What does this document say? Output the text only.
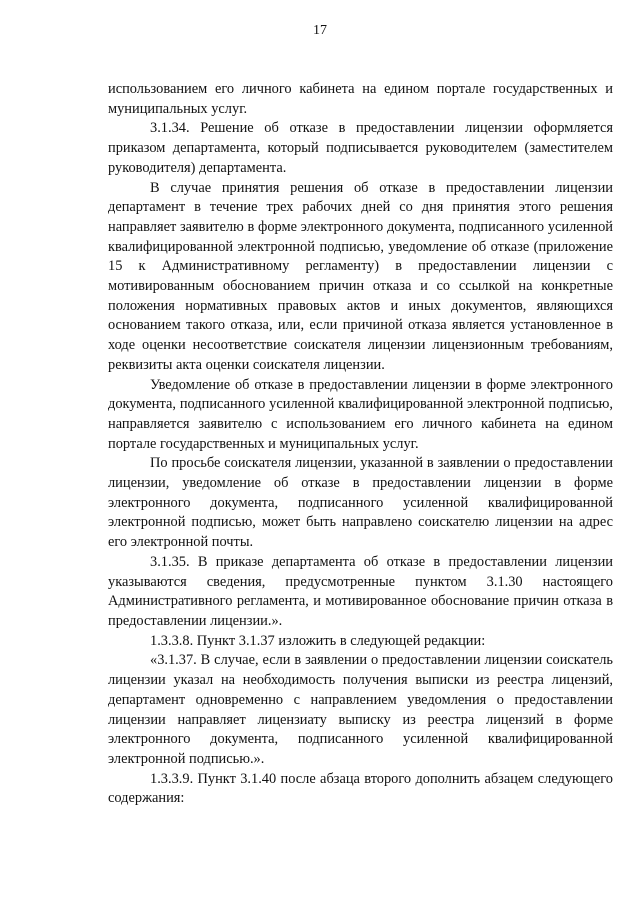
17

использованием его личного кабинета на едином портале государственных и муниципальных услуг.

3.1.34. Решение об отказе в предоставлении лицензии оформляется приказом департамента, который подписывается руководителем (заместителем руководителя) департамента.

В случае принятия решения об отказе в предоставлении лицензии департамент в течение трех рабочих дней со дня принятия этого решения направляет заявителю в форме электронного документа, подписанного усиленной квалифицированной электронной подписью, уведомление об отказе (приложение 15 к Административному регламенту) в предоставлении лицензии с мотивированным обоснованием причин отказа и со ссылкой на конкретные положения нормативных правовых актов и иных документов, являющихся основанием такого отказа, или, если причиной отказа является установленное в ходе оценки несоответствие соискателя лицензии лицензионным требованиям, реквизиты акта оценки соискателя лицензии.

Уведомление об отказе в предоставлении лицензии в форме электронного документа, подписанного усиленной квалифицированной электронной подписью, направляется заявителю с использованием его личного кабинета на едином портале государственных и муниципальных услуг.

По просьбе соискателя лицензии, указанной в заявлении о предоставлении лицензии, уведомление об отказе в предоставлении лицензии в форме электронного документа, подписанного усиленной квалифицированной электронной подписью, может быть направлено соискателю лицензии на адрес его электронной почты.

3.1.35. В приказе департамента об отказе в предоставлении лицензии указываются сведения, предусмотренные пунктом 3.1.30 настоящего Административного регламента, и мотивированное обоснование причин отказа в предоставлении лицензии.».

1.3.3.8. Пункт 3.1.37 изложить в следующей редакции:

«3.1.37. В случае, если в заявлении о предоставлении лицензии соискатель лицензии указал на необходимость получения выписки из реестра лицензий, департамент одновременно с направлением уведомления о предоставлении лицензии направляет лицензиату выписку из реестра лицензий в форме электронного документа, подписанного усиленной квалифицированной электронной подписью.».

1.3.3.9. Пункт 3.1.40 после абзаца второго дополнить абзацем следующего содержания:
